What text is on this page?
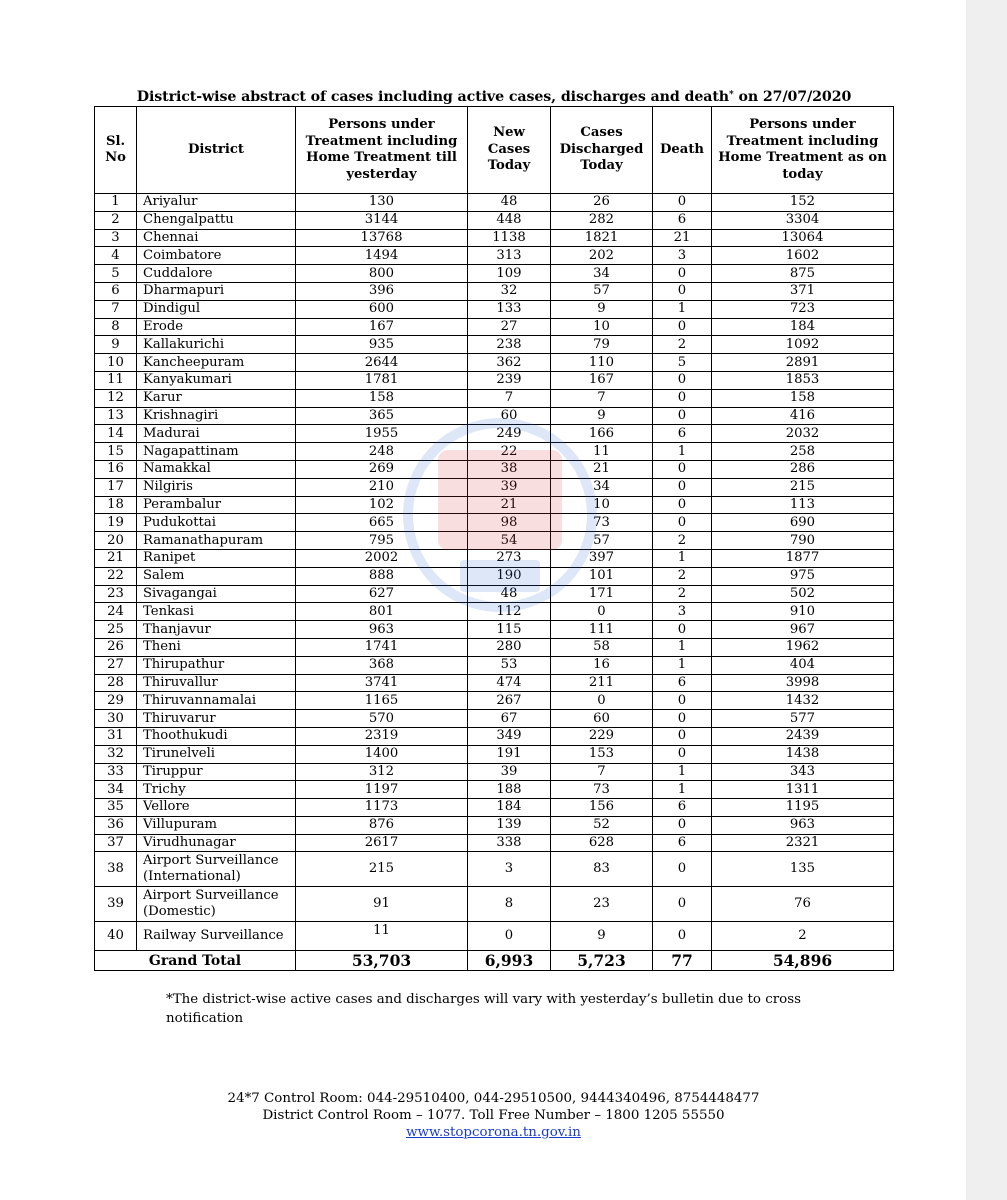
District-wise abstract of cases including active cases, discharges and death* on 27/07/2020
Sl. No	District	Persons under Treatment including Home Treatment till yesterday	New Cases Today	Cases Discharged Today	Death	Persons under Treatment including Home Treatment as on today
1	Ariyalur	130	48	26	0	152
2	Chengalpattu	3144	448	282	6	3304
3	Chennai	13768	1138	1821	21	13064
4	Coimbatore	1494	313	202	3	1602
5	Cuddalore	800	109	34	0	875
6	Dharmapuri	396	32	57	0	371
7	Dindigul	600	133	9	1	723
8	Erode	167	27	10	0	184
9	Kallakurichi	935	238	79	2	1092
10	Kancheepuram	2644	362	110	5	2891
11	Kanyakumari	1781	239	167	0	1853
12	Karur	158	7	7	0	158
13	Krishnagiri	365	60	9	0	416
14	Madurai	1955	249	166	6	2032
15	Nagapattinam	248	22	11	1	258
16	Namakkal	269	38	21	0	286
17	Nilgiris	210	39	34	0	215
18	Perambalur	102	21	10	0	113
19	Pudukottai	665	98	73	0	690
20	Ramanathapuram	795	54	57	2	790
21	Ranipet	2002	273	397	1	1877
22	Salem	888	190	101	2	975
23	Sivagangai	627	48	171	2	502
24	Tenkasi	801	112	0	3	910
25	Thanjavur	963	115	111	0	967
26	Theni	1741	280	58	1	1962
27	Thirupathur	368	53	16	1	404
28	Thiruvallur	3741	474	211	6	3998
29	Thiruvannamalai	1165	267	0	0	1432
30	Thiruvarur	570	67	60	0	577
31	Thoothukudi	2319	349	229	0	2439
32	Tirunelveli	1400	191	153	0	1438
33	Tiruppur	312	39	7	1	343
34	Trichy	1197	188	73	1	1311
35	Vellore	1173	184	156	6	1195
36	Villupuram	876	139	52	0	963
37	Virudhunagar	2617	338	628	6	2321
38	Airport Surveillance (International)	215	3	83	0	135
39	Airport Surveillance (Domestic)	91	8	23	0	76
40	Railway Surveillance	11	0	9	0	2
Grand Total		53,703	6,993	5,723	77	54,896
*The district-wise active cases and discharges will vary with yesterday’s bulletin due to cross notification
24*7 Control Room: 044-29510400, 044-29510500, 9444340496, 8754448477
District Control Room – 1077. Toll Free Number – 1800 1205 55550
www.stopcorona.tn.gov.in
